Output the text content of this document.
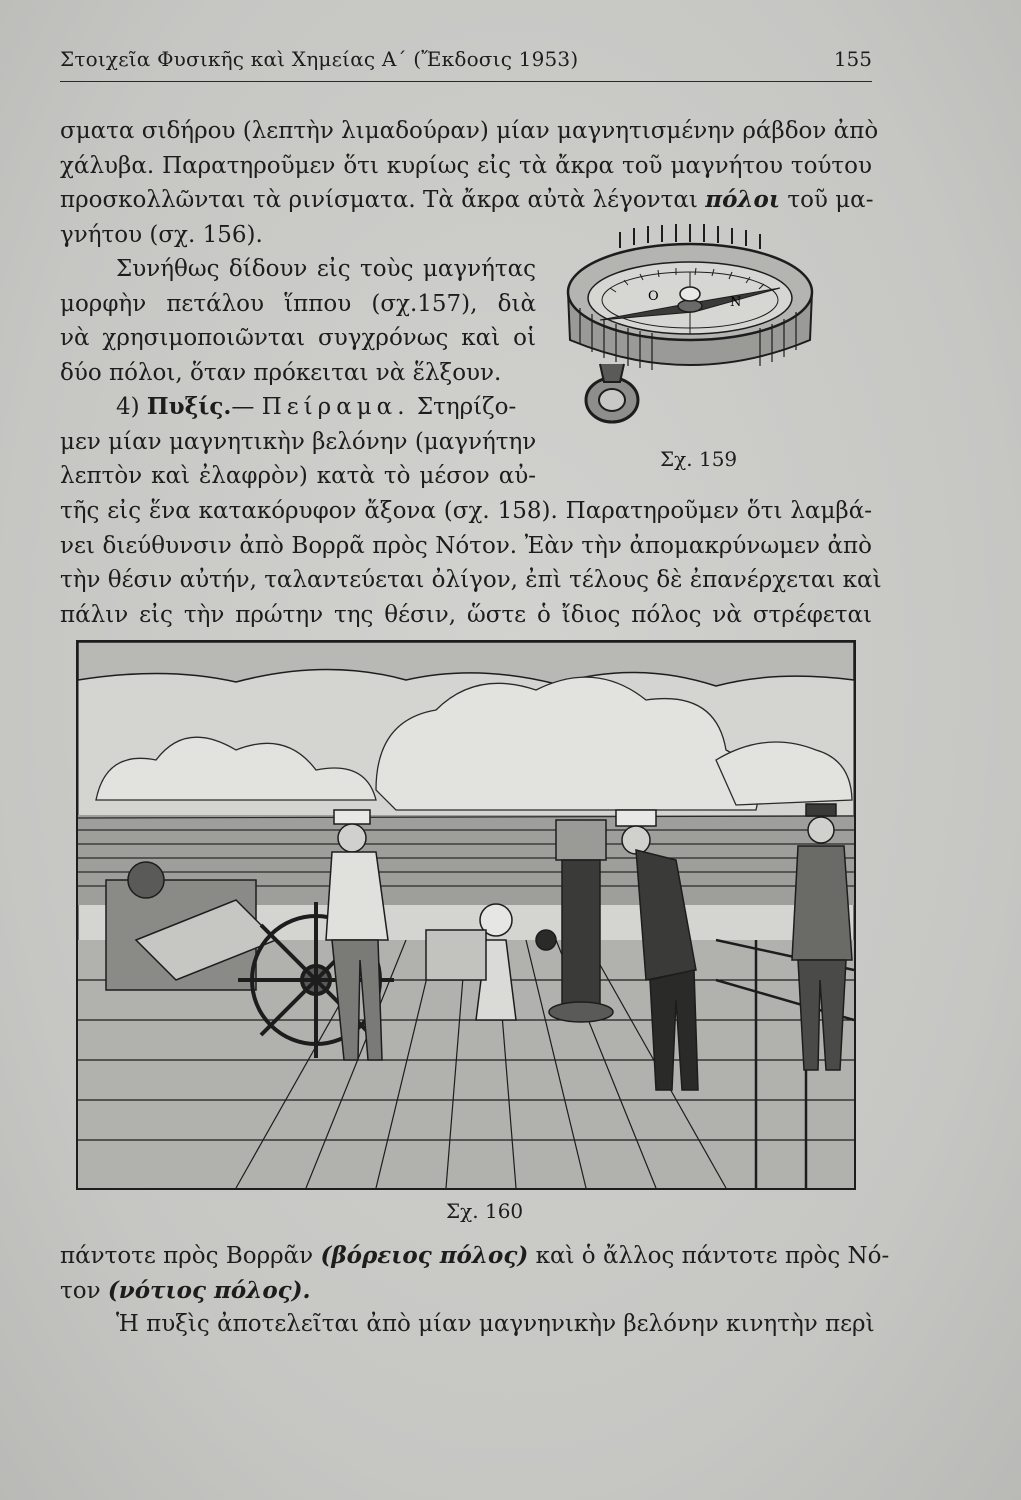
Στοιχεῖα Φυσικῆς καὶ Χημείας Α΄ (Ἔκδοσις 1953)	155
σματα σιδήρου (λεπτὴν λιμαδούραν) μίαν μαγνητισμένην ράβδον ἀπὸ
χάλυβα. Παρατηροῦμεν ὅτι κυρίως εἰς τὰ ἄκρα τοῦ μαγνήτου τούτου
προσκολλῶνται τὰ ρινίσματα. Τὰ ἄκρα αὐτὰ λέγονται πόλοι τοῦ μα-
γνήτου (σχ. 156).
Συνήθως δίδουν εἰς τοὺς μαγνήτας
μορφὴν πετάλου ἵππου (σχ.157), διὰ
νὰ χρησιμοποιῶνται συγχρόνως καὶ οἱ
δύο πόλοι, ὅταν πρόκειται νὰ ἕλξουν.
4) Πυξίς.— Πείραμα. Στηρίζο-
μεν μίαν μαγνητικὴν βελόνην (μαγνήτην
λεπτὸν καὶ ἐλαφρὸν) κατὰ τὸ μέσον αὐ-
O	N
Σχ. 159
τῆς εἰς ἕνα κατακόρυφον ἄξονα (σχ. 158). Παρατηροῦμεν ὅτι λαμβά-
νει διεύθυνσιν ἀπὸ Βορρᾶ πρὸς Νότον. Ἐὰν τὴν ἀπομακρύνωμεν ἀπὸ
τὴν θέσιν αὐτήν, ταλαντεύεται ὀλίγον, ἐπὶ τέλους δὲ ἐπανέρχεται καὶ
πάλιν εἰς τὴν πρώτην της θέσιν, ὥστε ὁ ἴδιος πόλος νὰ στρέφεται
Σχ. 160
πάντοτε πρὸς Βορρᾶν (βόρειος πόλος) καὶ ὁ ἄλλος πάντοτε πρὸς Νό-
τον (νότιος πόλος).
Ἡ πυξὶς ἀποτελεῖται ἀπὸ μίαν μαγνηνικὴν βελόνην κινητὴν περὶ
